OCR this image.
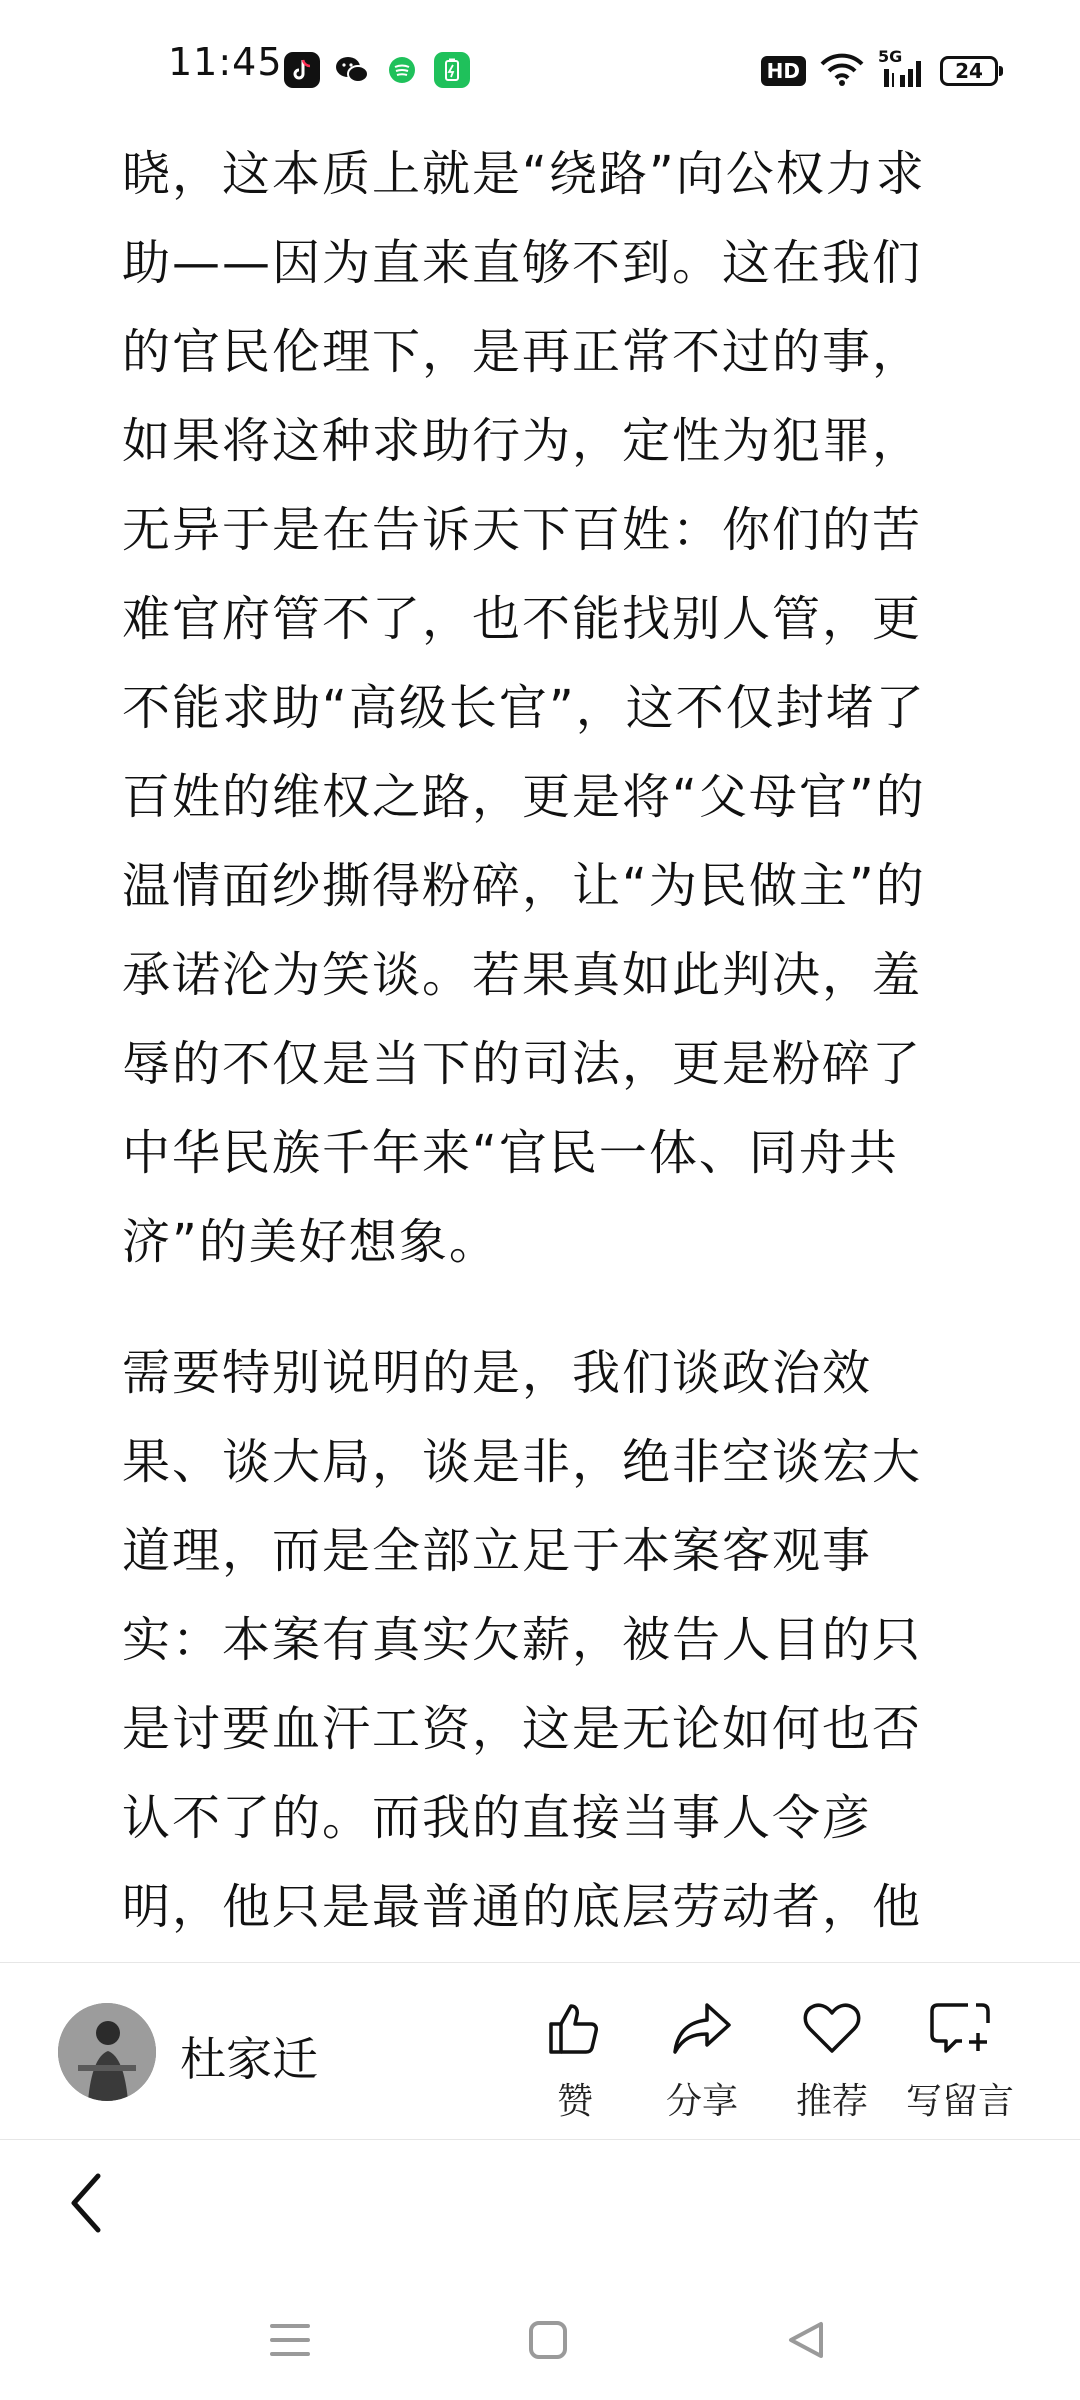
11:45	HD
5G
24
晓，这本质上就是“绕路”向公权力求
助——因为直来直够不到。这在我们
的官民伦理下，是再正常不过的事，
如果将这种求助行为，定性为犯罪，
无异于是在告诉天下百姓：你们的苦
难官府管不了，也不能找别人管，更
不能求助“高级长官”，这不仅封堵了
百姓的维权之路，更是将“父母官”的
温情面纱撕得粉碎，让“为民做主”的
承诺沦为笑谈。若果真如此判决，羞
辱的不仅是当下的司法，更是粉碎了
中华民族千年来“官民一体、同舟共
济”的美好想象。
需要特别说明的是，我们谈政治效
果、谈大局，谈是非，绝非空谈宏大
道理，而是全部立足于本案客观事
实：本案有真实欠薪，被告人目的只
是讨要血汗工资，这是无论如何也否
认不了的。而我的直接当事人令彦
明，他只是最普通的底层劳动者，他
杜家迁
赞	分享	推荐	写留言
